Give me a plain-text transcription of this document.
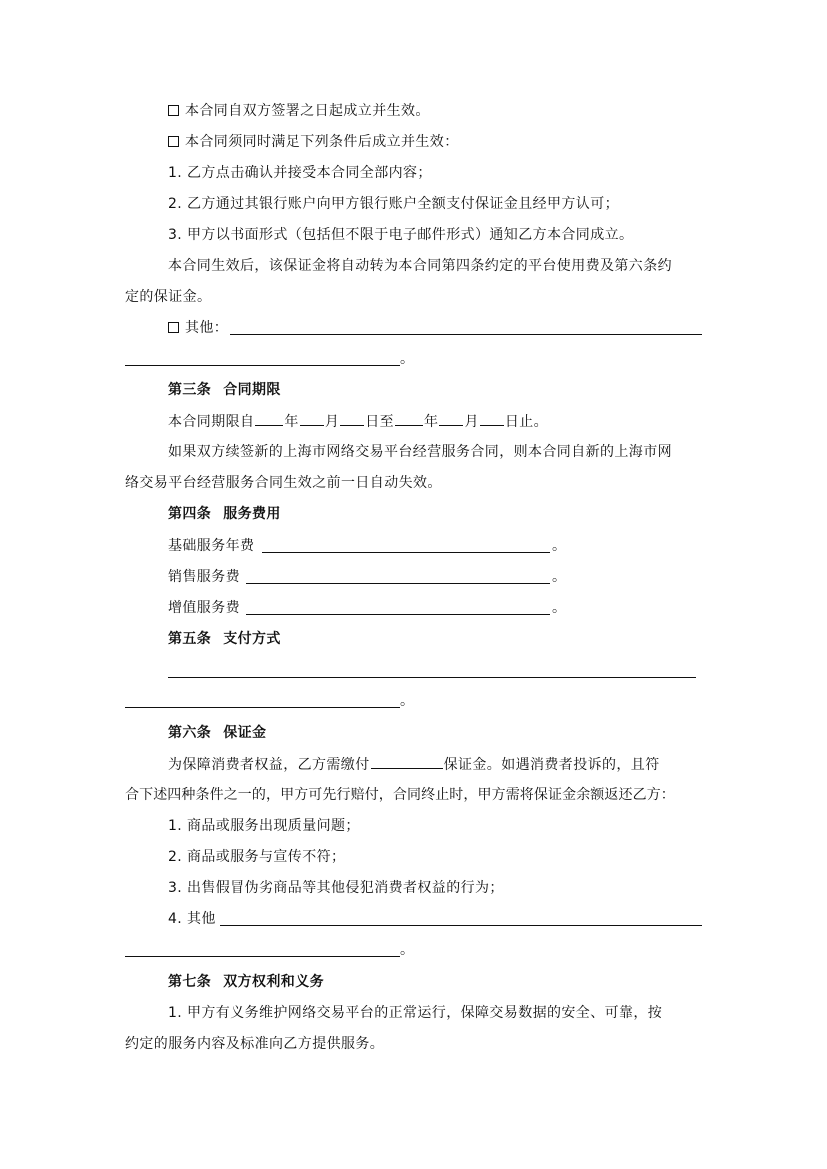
本合同自双方签署之日起成立并生效。

本合同须同时满足下列条件后成立并生效：

1. 乙方点击确认并接受本合同全部内容；

2. 乙方通过其银行账户向甲方银行账户全额支付保证金且经甲方认可；

3. 甲方以书面形式（包括但不限于电子邮件形式）通知乙方本合同成立。

本合同生效后，该保证金将自动转为本合同第四条约定的平台使用费及第六条约

定的保证金。

其他：

。

第三条 合同期限

本合同期限自 年 月 日至 年 月 日止。

如果双方续签新的上海市网络交易平台经营服务合同，则本合同自新的上海市网

络交易平台经营服务合同生效之前一日自动失效。

第四条 服务费用

基础服务年费	。

销售服务费	。

增值服务费	。

第五条 支付方式

。

第六条 保证金

为保障消费者权益，乙方需缴付	保证金。如遇消费者投诉的，且符

合下述四种条件之一的，甲方可先行赔付，合同终止时，甲方需将保证金余额返还乙方：

1. 商品或服务出现质量问题；

2. 商品或服务与宣传不符；

3. 出售假冒伪劣商品等其他侵犯消费者权益的行为；

4. 其他

。

第七条 双方权利和义务

1. 甲方有义务维护网络交易平台的正常运行，保障交易数据的安全、可靠，按

约定的服务内容及标准向乙方提供服务。
